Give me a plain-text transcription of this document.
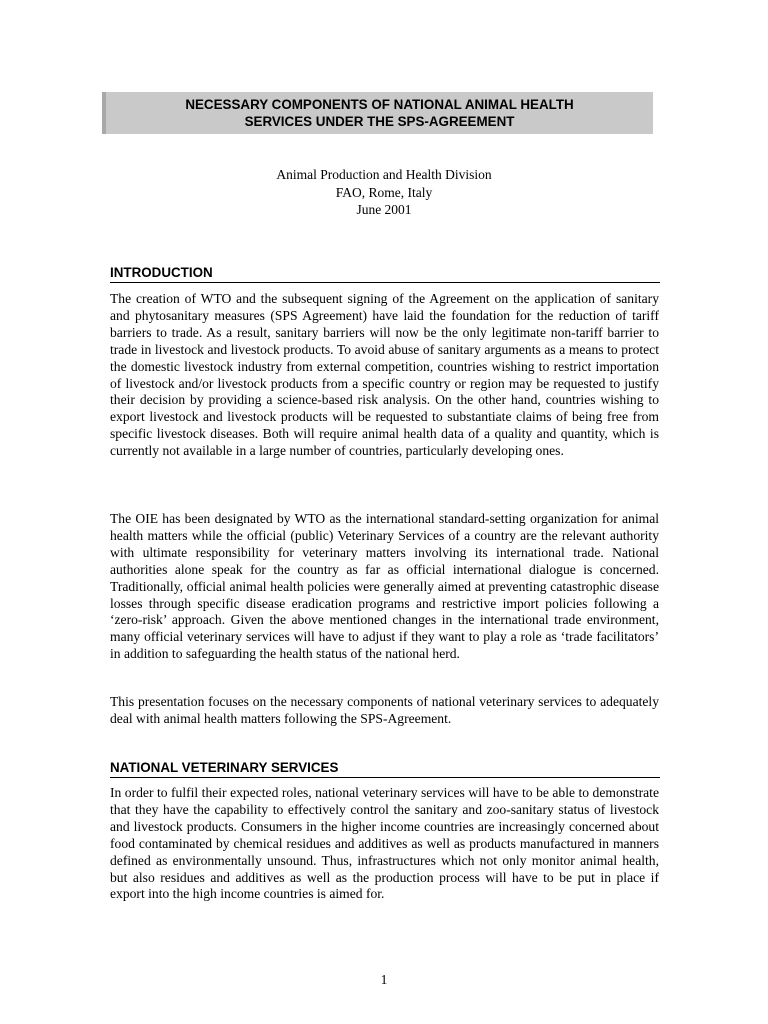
NECESSARY COMPONENTS OF NATIONAL ANIMAL HEALTH
SERVICES UNDER THE SPS-AGREEMENT
Animal Production and Health Division
FAO, Rome, Italy
June 2001
INTRODUCTION

The creation of WTO and the subsequent signing of the Agreement on the application of sanitary and phytosanitary measures (SPS Agreement) have laid the foundation for the reduction of tariff barriers to trade. As a result, sanitary barriers will now be the only legitimate non-tariff barrier to trade in livestock and livestock products. To avoid abuse of sanitary arguments as a means to protect the domestic livestock industry from external competition, countries wishing to restrict importation of livestock and/or livestock products from a specific country or region may be requested to justify their decision by providing a science-based risk analysis. On the other hand, countries wishing to export livestock and livestock products will be requested to substantiate claims of being free from specific livestock diseases. Both will require animal health data of a quality and quantity, which is currently not available in a large number of countries, particularly developing ones.

The OIE has been designated by WTO as the international standard-setting organization for animal health matters while the official (public) Veterinary Services of a country are the relevant authority with ultimate responsibility for veterinary matters involving its international trade. National authorities alone speak for the country as far as official international dialogue is concerned. Traditionally, official animal health policies were generally aimed at preventing catastrophic disease losses through specific disease eradication programs and restrictive import policies following a ‘zero-risk’ approach. Given the above mentioned changes in the international trade environment, many official veterinary services will have to adjust if they want to play a role as ‘trade facilitators’ in addition to safeguarding the health status of the national herd.

This presentation focuses on the necessary components of national veterinary services to adequately deal with animal health matters following the SPS-Agreement.

NATIONAL VETERINARY SERVICES

In order to fulfil their expected roles, national veterinary services will have to be able to demonstrate that they have the capability to effectively control the sanitary and zoo-sanitary status of livestock and livestock products. Consumers in the higher income countries are increasingly concerned about food contaminated by chemical residues and additives as well as products manufactured in manners defined as environmentally unsound. Thus, infrastructures which not only monitor animal health, but also residues and additives as well as the production process will have to be put in place if export into the high income countries is aimed for.

1
